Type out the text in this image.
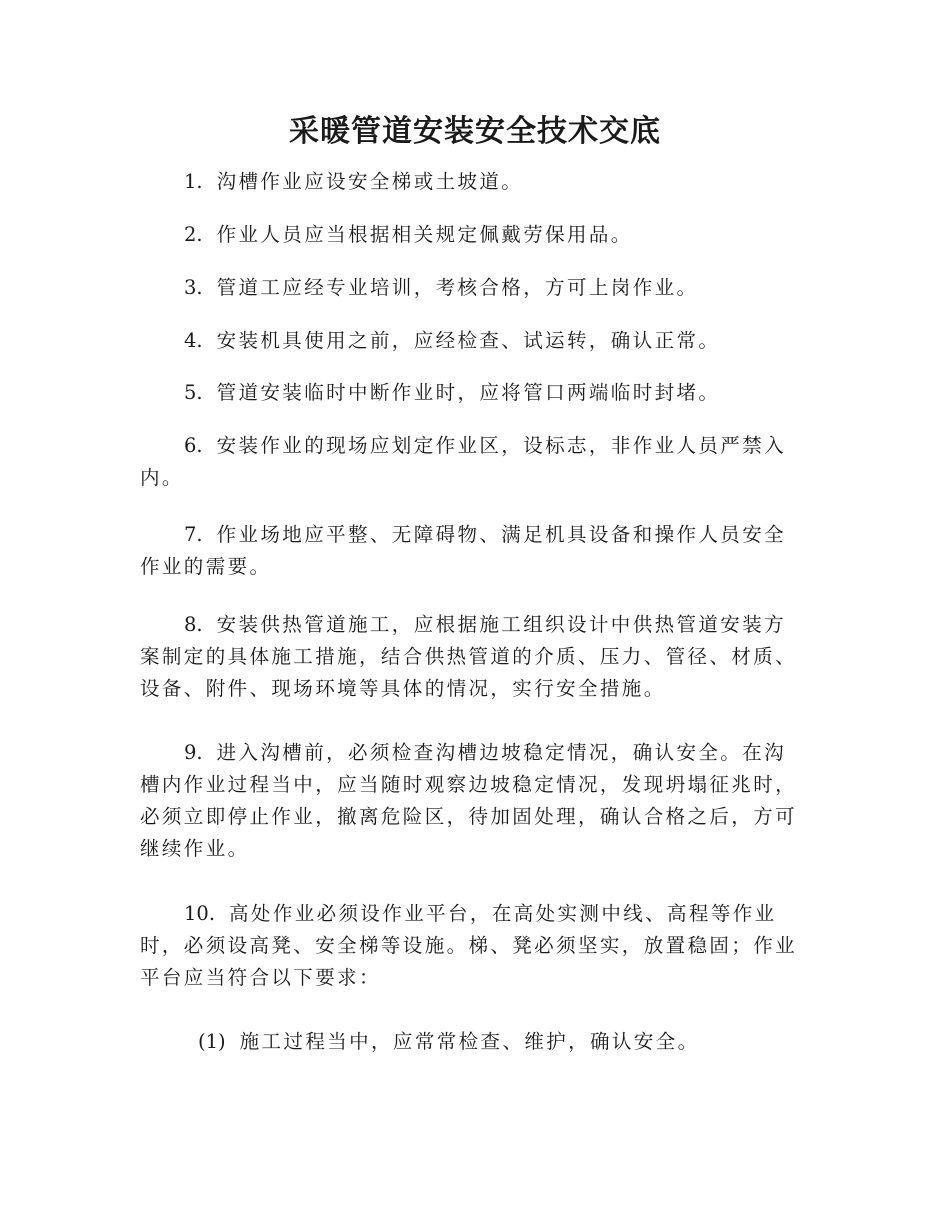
采暖管道安装安全技术交底

1. 沟槽作业应设安全梯或土坡道。

2. 作业人员应当根据相关规定佩戴劳保用品。

3. 管道工应经专业培训，考核合格，方可上岗作业。

4. 安装机具使用之前，应经检查、试运转，确认正常。

5. 管道安装临时中断作业时，应将管口两端临时封堵。

6. 安装作业的现场应划定作业区，设标志，非作业人员严禁入内。

7. 作业场地应平整、无障碍物、满足机具设备和操作人员安全作业的需要。

8. 安装供热管道施工，应根据施工组织设计中供热管道安装方案制定的具体施工措施，结合供热管道的介质、压力、管径、材质、设备、附件、现场环境等具体的情况，实行安全措施。

9. 进入沟槽前，必须检查沟槽边坡稳定情况，确认安全。在沟槽内作业过程当中，应当随时观察边坡稳定情况，发现坍塌征兆时，必须立即停止作业，撤离危险区，待加固处理，确认合格之后，方可继续作业。

10. 高处作业必须设作业平台，在高处实测中线、高程等作业时，必须设高凳、安全梯等设施。梯、凳必须坚实，放置稳固；作业平台应当符合以下要求：

(1) 施工过程当中，应常常检查、维护，确认安全。
